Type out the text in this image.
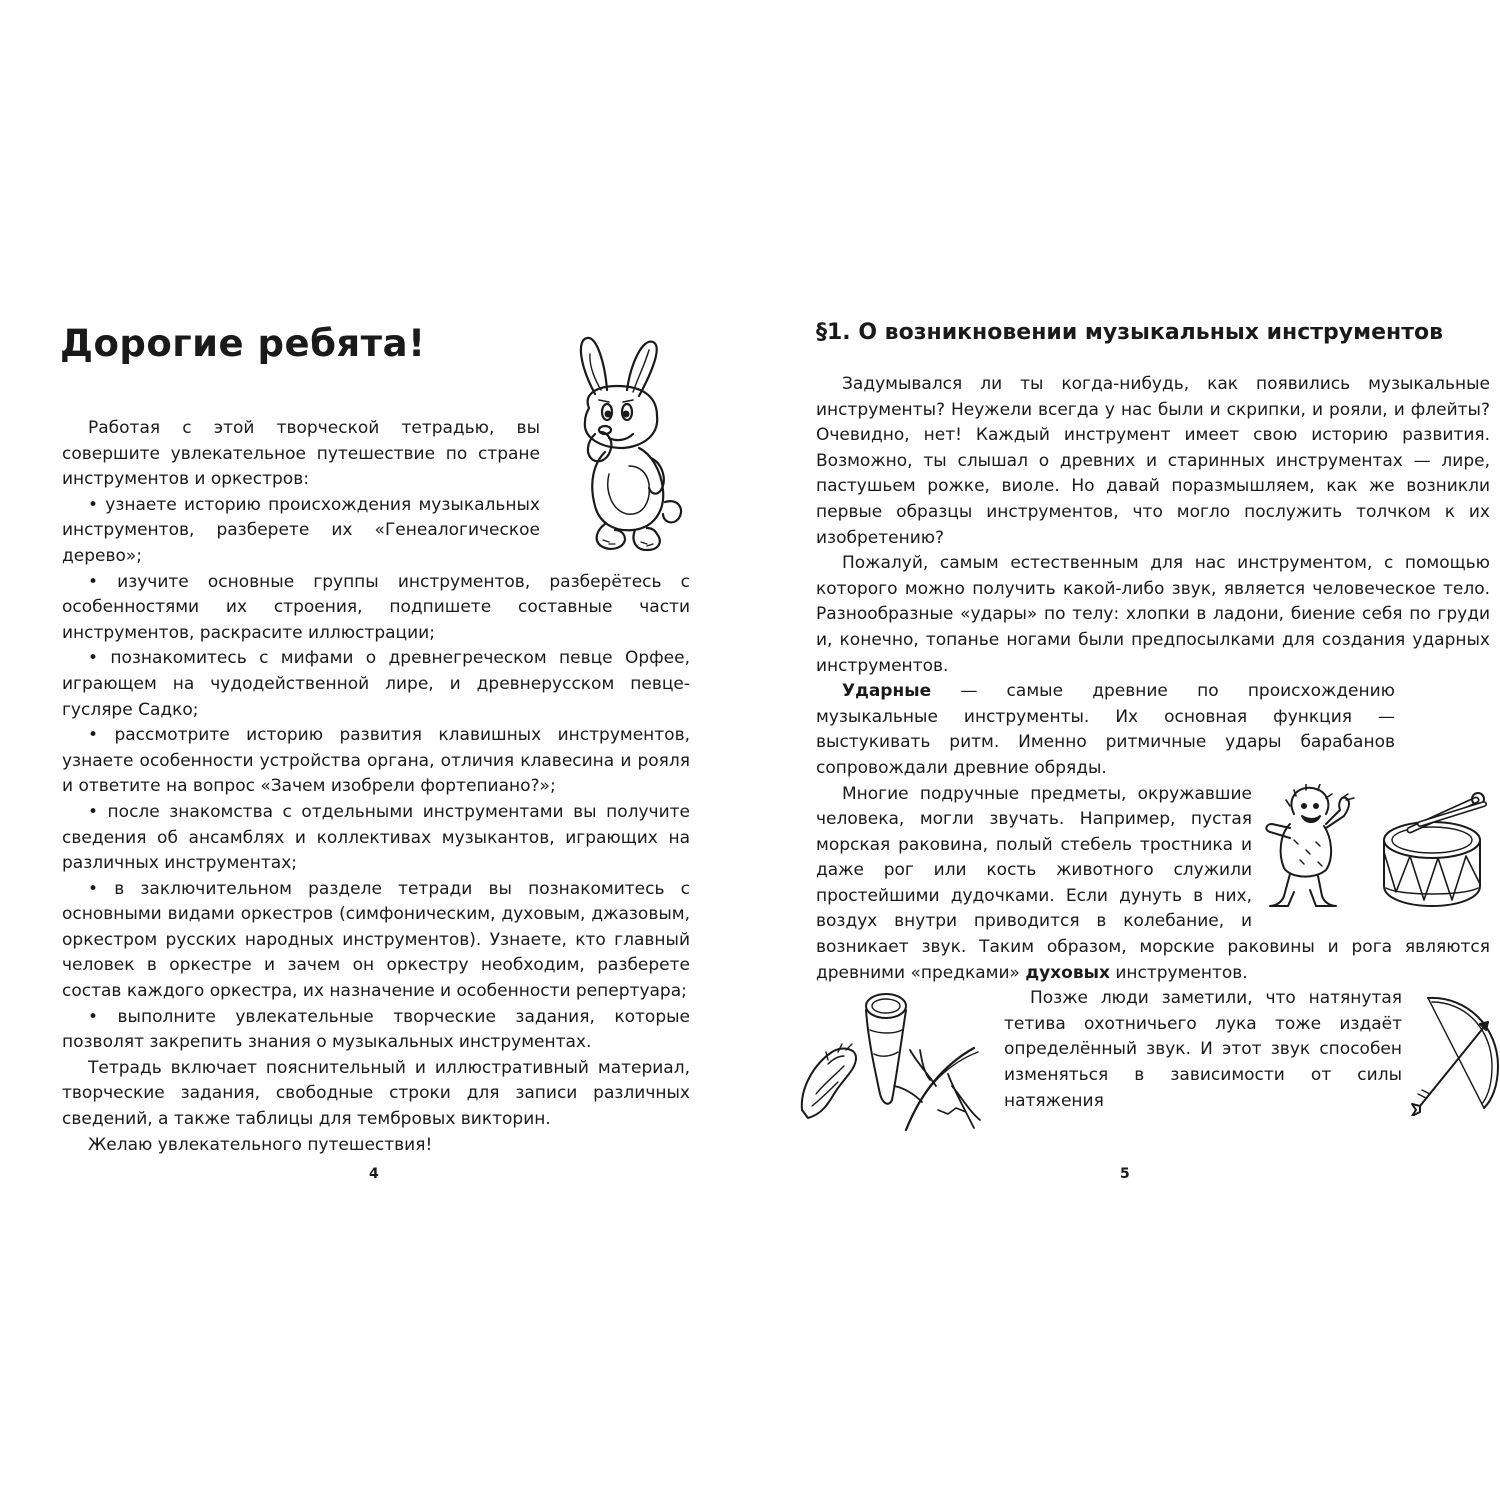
Дорогие ребята!

Работая с этой творческой тетрадью, вы совершите увлекательное путешествие по стране инструментов и оркестров:

• узнаете историю происхождения музыкальных инструментов, разберете их «Генеалогическое дерево»;
• изучите основные группы инструментов, разберётесь с особенностями их строения, подпишете составные части инструментов, раскрасите иллюстрации;
• познакомитесь с мифами о древнегреческом певце Орфее, играющем на чудодейственной лире, и древнерусском певце-гусляре Садко;
• рассмотрите историю развития клавишных инструментов, узнаете особенности устройства органа, отличия клавесина и рояля и ответите на вопрос «Зачем изобрели фортепиано?»;
• после знакомства с отдельными инструментами вы получите сведения об ансамблях и коллективах музыкантов, играющих на различных инструментах;
• в заключительном разделе тетради вы познакомитесь с основными видами оркестров (симфоническим, духовым, джазовым, оркестром русских народных инструментов). Узнаете, кто главный человек в оркестре и зачем он оркестру необходим, разберете состав каждого оркестра, их назначение и особенности репертуара;
• выполните увлекательные творческие задания, которые позволят закрепить знания о музыкальных инструментах.

Тетрадь включает пояснительный и иллюстративный материал, творческие задания, свободные строки для записи различных сведений, а также таблицы для тембровых викторин.

Желаю увлекательного путешествия!

4
§1. О возникновении музыкальных инструментов

Задумывался ли ты когда-нибудь, как появились музыкальные инструменты? Неужели всегда у нас были и скрипки, и рояли, и флейты? Очевидно, нет! Каждый инструмент имеет свою историю развития. Возможно, ты слышал о древних и старинных инструментах — лире, пастушьем рожке, виоле. Но давай поразмышляем, как же возникли первые образцы инструментов, что могло послужить толчком к их изобретению?

Пожалуй, самым естественным для нас инструментом, с помощью которого можно получить какой-либо звук, является человеческое тело. Разнообразные «удары» по телу: хлопки в ладони, биение себя по груди и, конечно, топанье ногами были предпосылками для создания ударных инструментов.

Ударные — самые древние по происхождению музыкальные инструменты. Их основная функция — выстукивать ритм. Именно ритмичные удары барабанов сопровождали древние обряды.

Многие подручные предметы, окружавшие человека, могли звучать. Например, пустая морская раковина, полый стебель тростника и даже рог или кость животного служили простейшими дудочками. Если дунуть в них, воздух внутри приводится в колебание, и возникает звук. Таким образом, морские раковины и рога являются древними «предками» духовых инструментов.

Позже люди заметили, что натянутая тетива охотничьего лука тоже издаёт определённый звук. И этот звук способен изменяться в зависимости от силы натяжения

5
